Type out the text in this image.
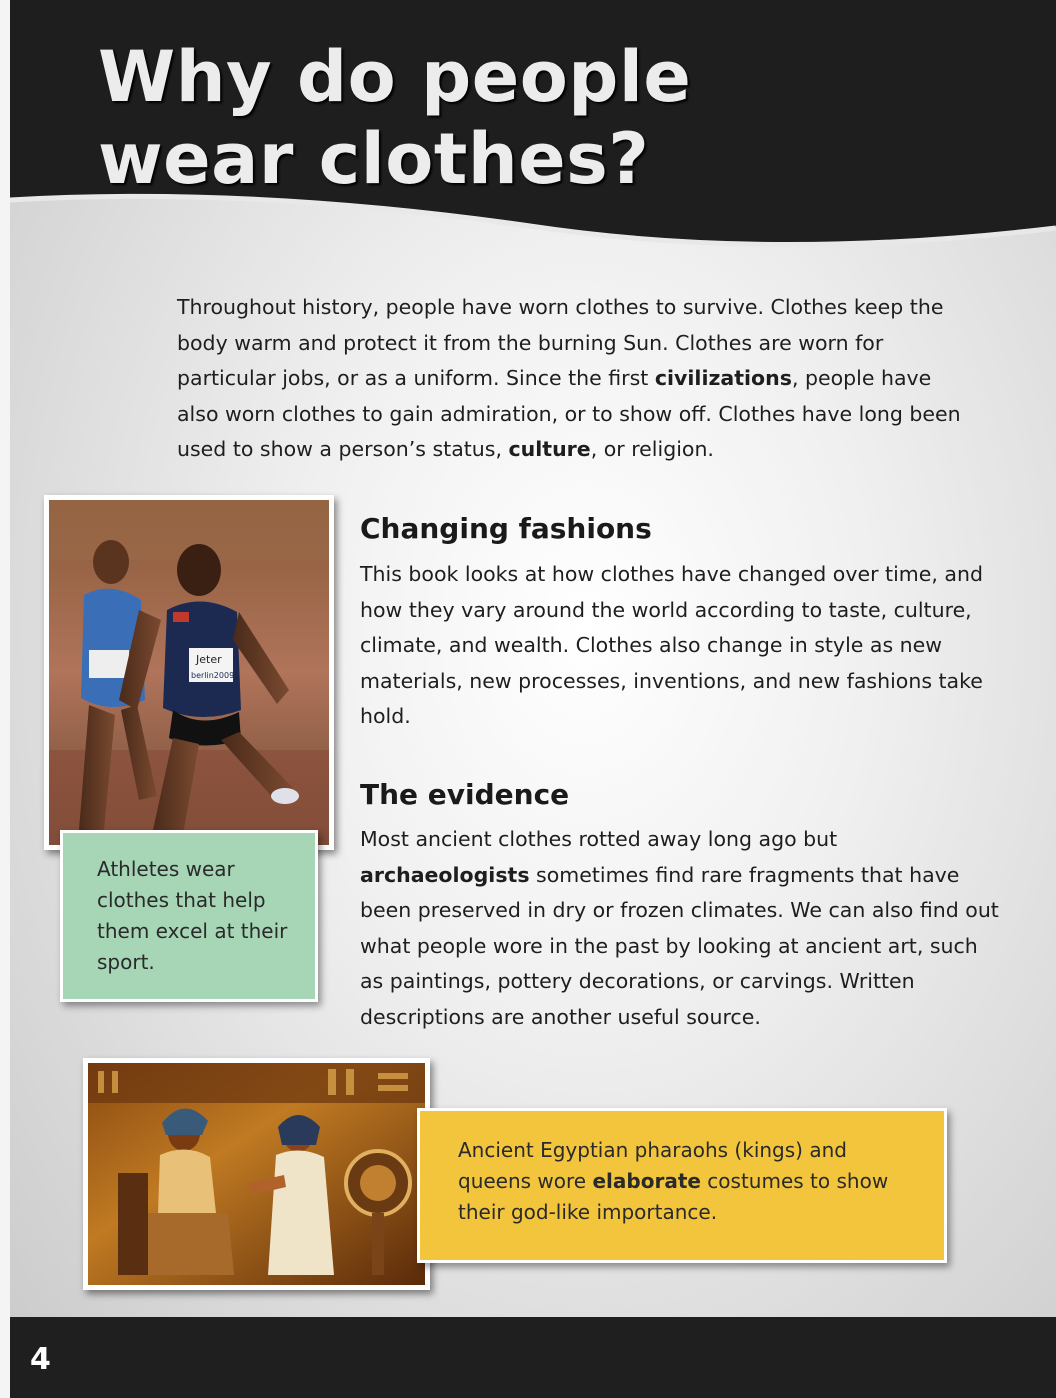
Why do people wear clothes?

Throughout history, people have worn clothes to survive. Clothes keep the body warm and protect it from the burning Sun. Clothes are worn for particular jobs, or as a uniform. Since the first civilizations, people have also worn clothes to gain admiration, or to show off. Clothes have long been used to show a person’s status, culture, or religion.

Jeter
berlin2009
Athletes wear clothes that help them excel at their sport.
Changing fashions

This book looks at how clothes have changed over time, and how they vary around the world according to taste, culture, climate, and wealth. Clothes also change in style as new materials, new processes, inventions, and new fashions take hold.

The evidence

Most ancient clothes rotted away long ago but archaeologists sometimes find rare fragments that have been preserved in dry or frozen climates. We can also find out what people wore in the past by looking at ancient art, such as paintings, pottery decorations, or carvings. Written descriptions are another useful source.

Ancient Egyptian pharaohs (kings) and queens wore elaborate costumes to show their god-like importance.
4
